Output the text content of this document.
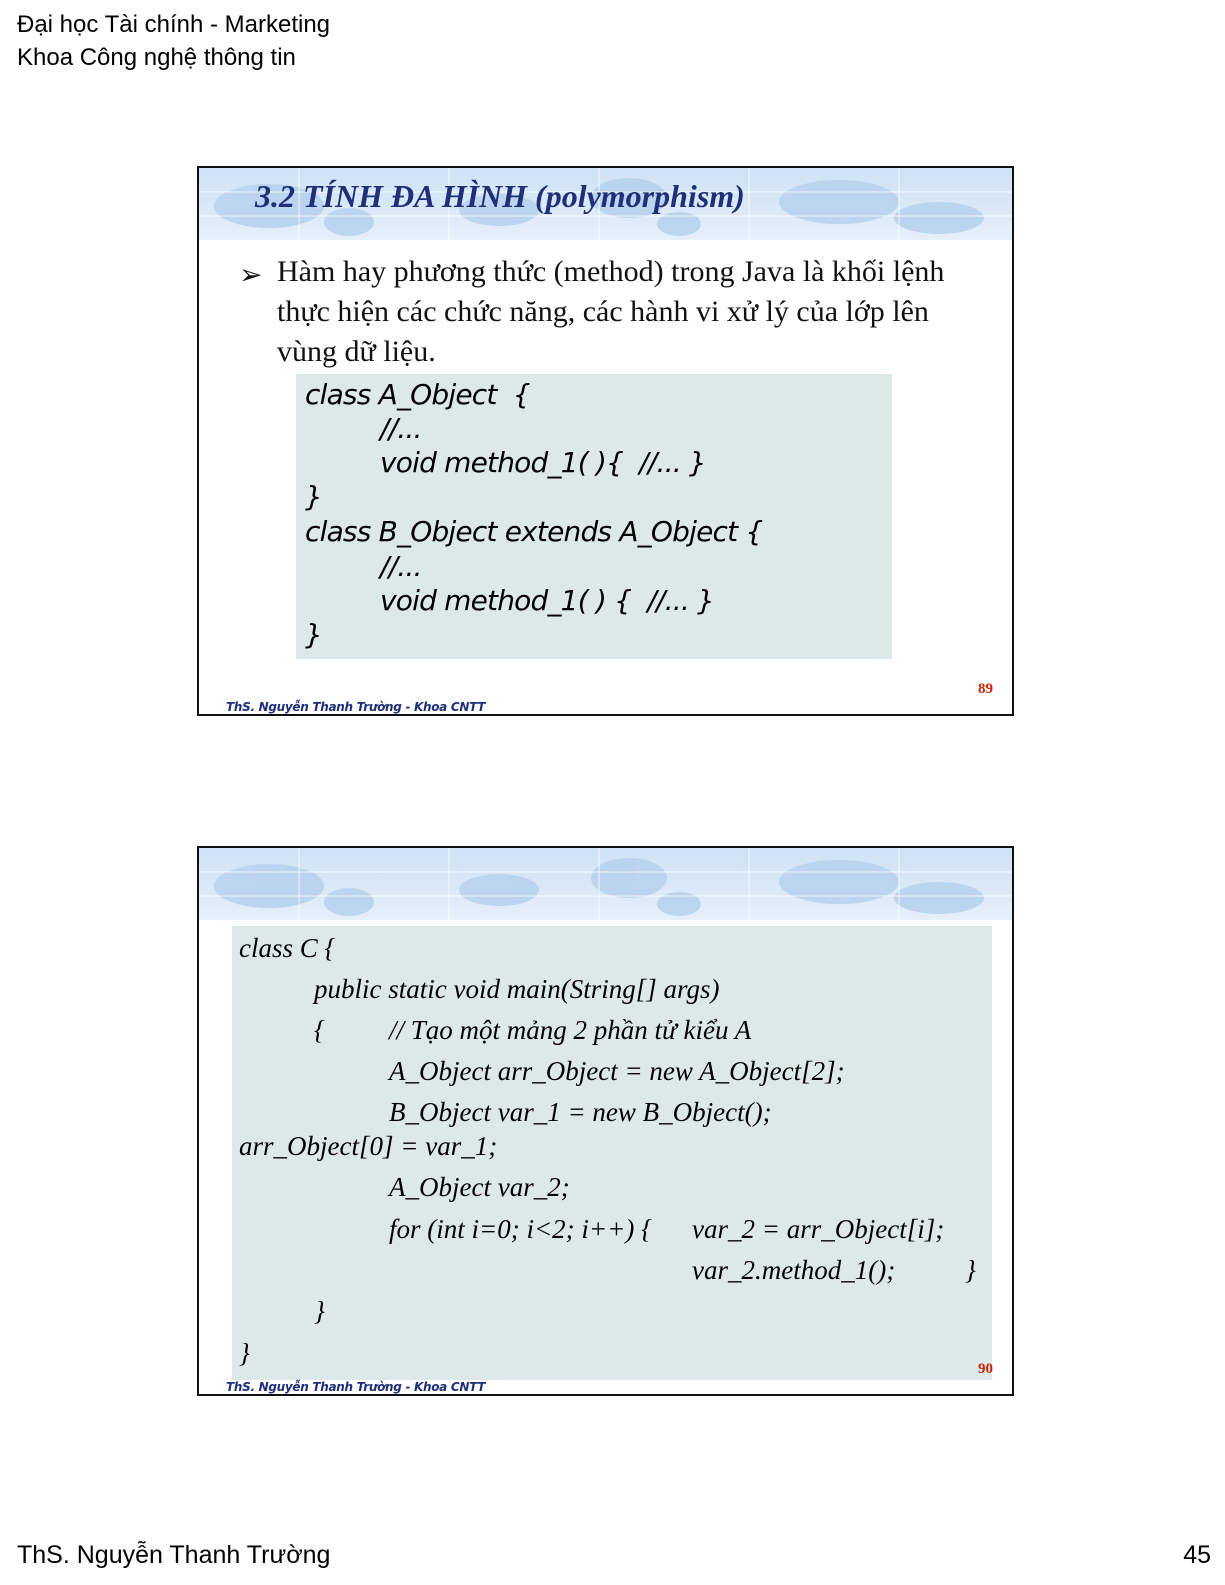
Đại học Tài chính - Marketing
Khoa Công nghệ thông tin
3.2 TÍNH ĐA HÌNH (polymorphism)
➢ Hàm hay phương thức (method) trong Java là khối lệnh thực hiện các chức năng, các hành vi xử lý của lớp lên vùng dữ liệu.
class A_Object  {
//...
void method_1( ){  //... }
}
class B_Object extends A_Object {
//...
void method_1( ) {  //... }
}
89
ThS. Nguyễn Thanh Trường - Khoa CNTT
class C {
public static void main(String[] args)
{ // Tạo một mảng 2 phần tử kiểu A
A_Object arr_Object = new A_Object[2];
B_Object var_1 = new B_Object();
arr_Object[0] = var_1;
A_Object var_2;
for (int i=0; i<2; i++) { var_2 = arr_Object[i];
var_2.method_1();	}
}
}
90
ThS. Nguyễn Thanh Trường - Khoa CNTT
ThS. Nguyễn Thanh Trường	45
